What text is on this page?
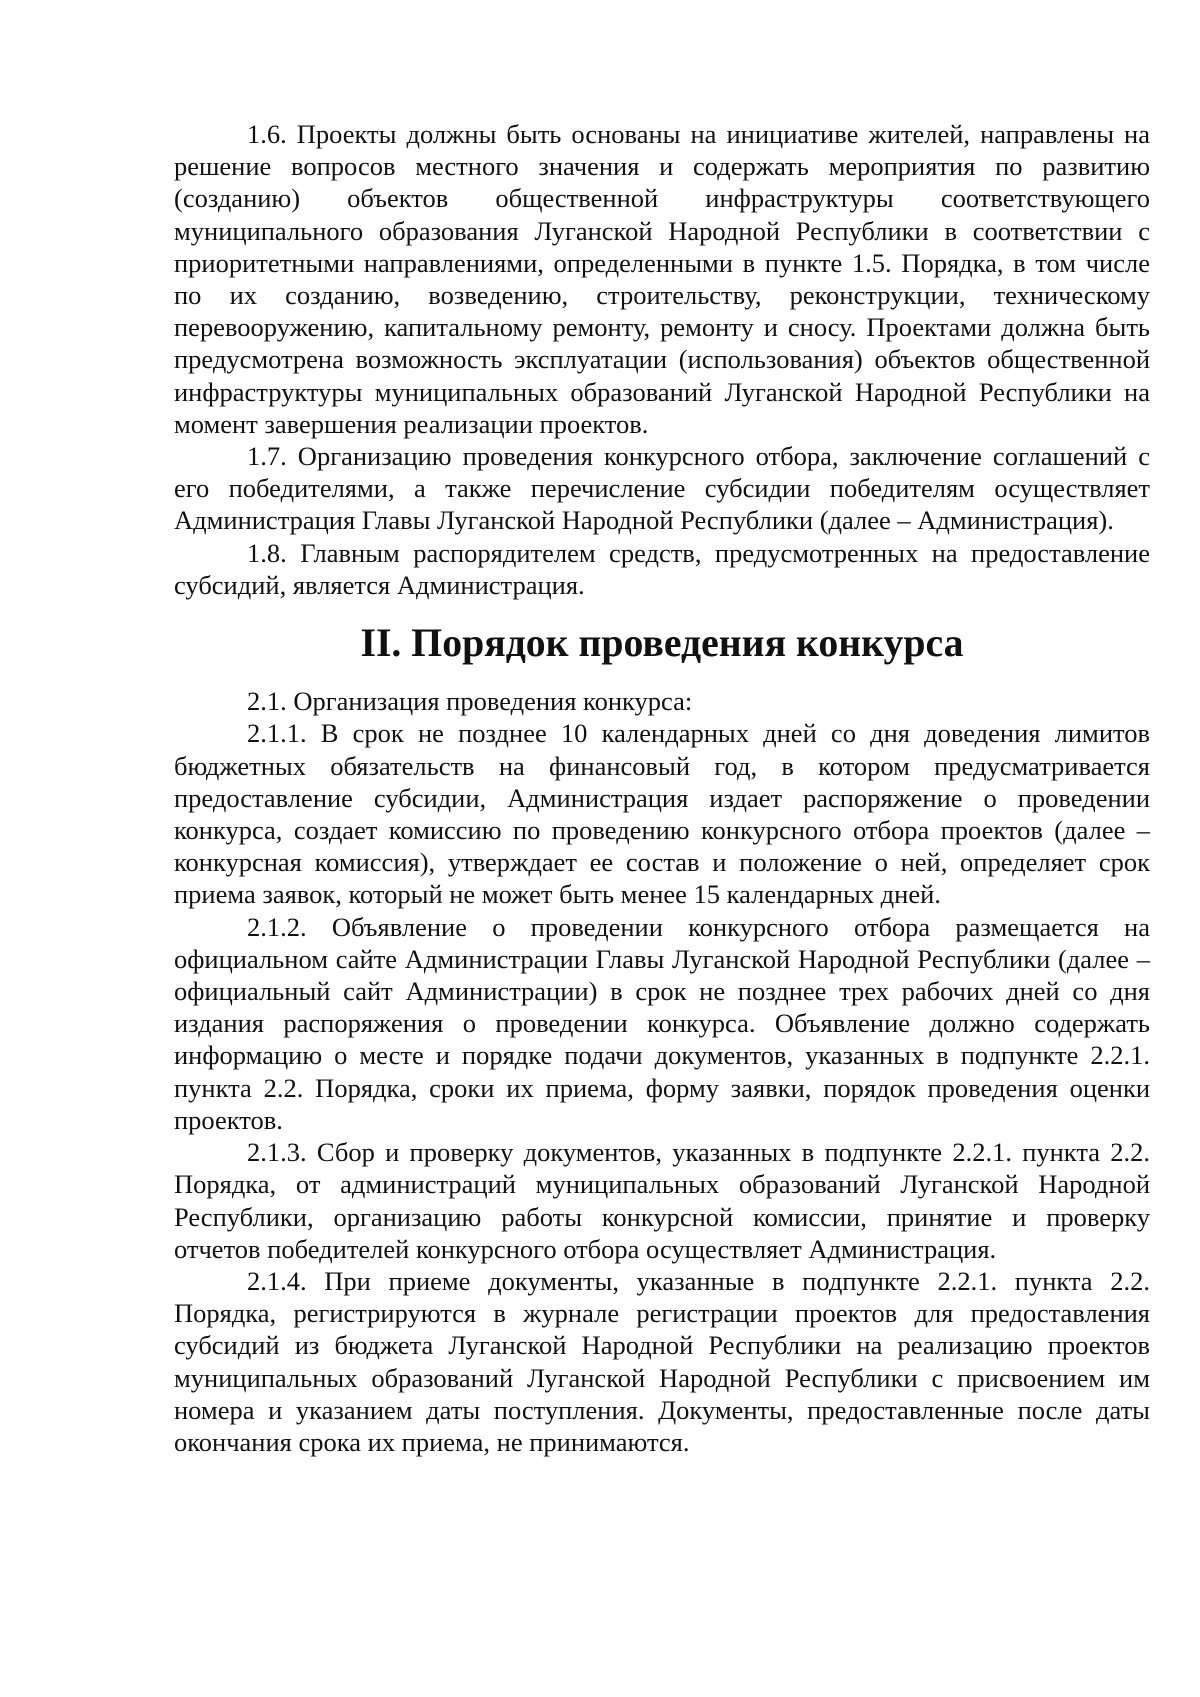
1.6. Проекты должны быть основаны на инициативе жителей, направлены на решение вопросов местного значения и содержать мероприятия по развитию (созданию) объектов общественной инфраструктуры соответствующего муниципального образования Луганской Народной Республики в соответствии с приоритетными направлениями, определенными в пункте 1.5. Порядка, в том числе по их созданию, возведению, строительству, реконструкции, техническому перевооружению, капитальному ремонту, ремонту и сносу. Проектами должна быть предусмотрена возможность эксплуатации (использования) объектов общественной инфраструктуры муниципальных образований Луганской Народной Республики на момент завершения реализации проектов.

1.7. Организацию проведения конкурсного отбора, заключение соглашений с его победителями, а также перечисление субсидии победителям осуществляет Администрация Главы Луганской Народной Республики (далее – Администрация).

1.8. Главным распорядителем средств, предусмотренных на предоставление субсидий, является Администрация.

II. Порядок проведения конкурса

2.1. Организация проведения конкурса:

2.1.1. В срок не позднее 10 календарных дней со дня доведения лимитов бюджетных обязательств на финансовый год, в котором предусматривается предоставление субсидии, Администрация издает распоряжение о проведении конкурса, создает комиссию по проведению конкурсного отбора проектов (далее – конкурсная комиссия), утверждает ее состав и положение о ней, определяет срок приема заявок, который не может быть менее 15 календарных дней.

2.1.2. Объявление о проведении конкурсного отбора размещается на официальном сайте Администрации Главы Луганской Народной Республики (далее – официальный сайт Администрации) в срок не позднее трех рабочих дней со дня издания распоряжения о проведении конкурса. Объявление должно содержать информацию о месте и порядке подачи документов, указанных в подпункте 2.2.1. пункта 2.2. Порядка, сроки их приема, форму заявки, порядок проведения оценки проектов.

2.1.3. Сбор и проверку документов, указанных в подпункте 2.2.1. пункта 2.2. Порядка, от администраций муниципальных образований Луганской Народной Республики, организацию работы конкурсной комиссии, принятие и проверку отчетов победителей конкурсного отбора осуществляет Администрация.

2.1.4. При приеме документы, указанные в подпункте 2.2.1. пункта 2.2. Порядка, регистрируются в журнале регистрации проектов для предоставления субсидий из бюджета Луганской Народной Республики на реализацию проектов муниципальных образований Луганской Народной Республики с присвоением им номера и указанием даты поступления. Документы, предоставленные после даты окончания срока их приема, не принимаются.
